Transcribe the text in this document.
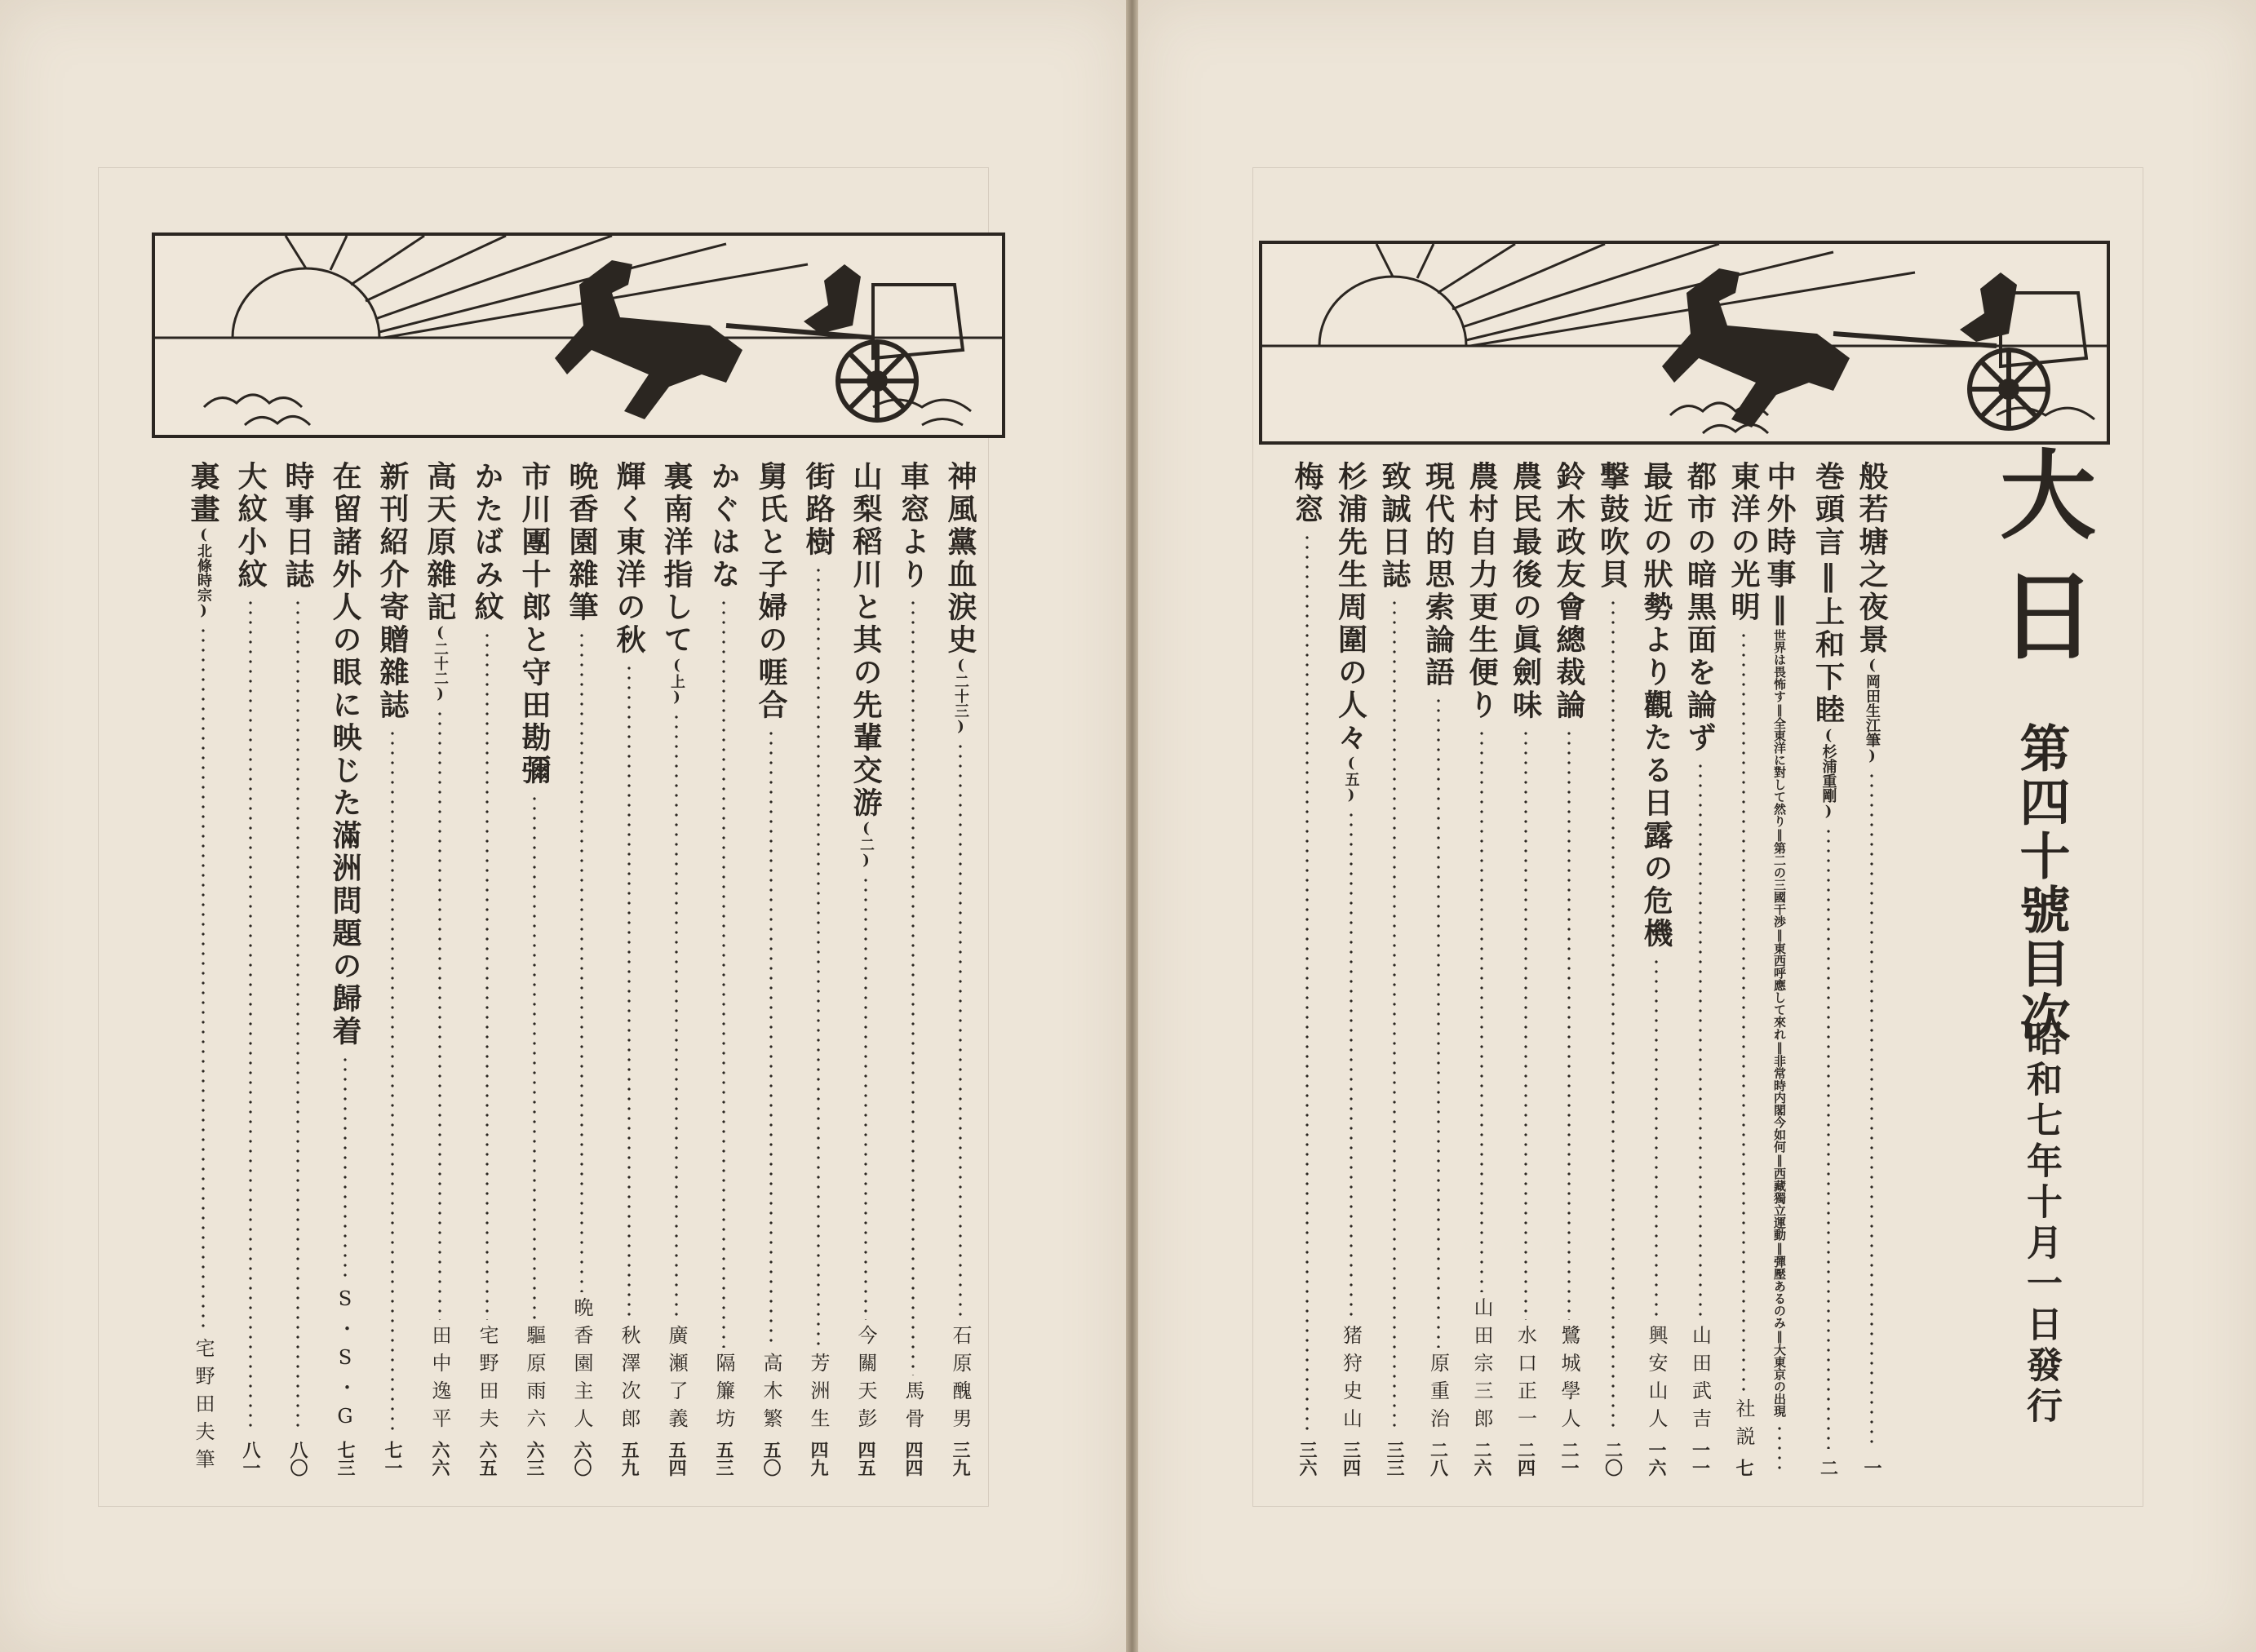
大日
第四十號目次
昭和七年十月一日發行
般若塘之夜景
(岡田生江筆)
一
巻頭言‖上和下睦
(杉浦重剛)
二
中外時事‖
世界は畏怖す‖全東洋に對して然り‖第二の三國干渉‖東西呼應して來れ‖非常時内閣今如何‖西藏獨立運動‖彈壓あるのみ‖大東京の出現
東洋の光明
社説
七
都市の暗黒面を論ず
山田武吉
一一
最近の狀勢より觀たる日露の危機
興安山人
一六
撃鼓吹貝
二〇
鈴木政友會總裁論
鷺城學人
二一
農民最後の眞劍味
水口正一
二四
農村自力更生便り
山田宗三郎
二六
現代的思索論語
原重治
二八
致誠日誌
三三
杉浦先生周圍の人々
(五)
猪狩史山
三四
梅窓
三六
神風黨血涙史
(二十三)
石原醜男
三九
車窓より
馬骨
四四
山梨稻川と其の先輩交游
(二)
今關天彭
四五
街路樹
芳洲生
四九
舅氏と子婦の啀合
高木繁
五〇
かぐはな
隔簾坊
五三
裏南洋指して
(上)
廣瀬了義
五四
輝く東洋の秋
秋澤次郎
五九
晩香園雜筆
晩香園主人
六〇
市川團十郎と守田勘彌
驅原雨六
六三
かたばみ紋
宅野田夫
六五
高天原雜記
(二十二)
田中逸平
六六
新刊紹介寄贈雜誌
七一
在留諸外人の眼に映じた滿洲問題の歸着
S・S・G
七三
時事日誌
八〇
大紋小紋
八一
裏畫
(北條時宗)
宅野田夫筆
